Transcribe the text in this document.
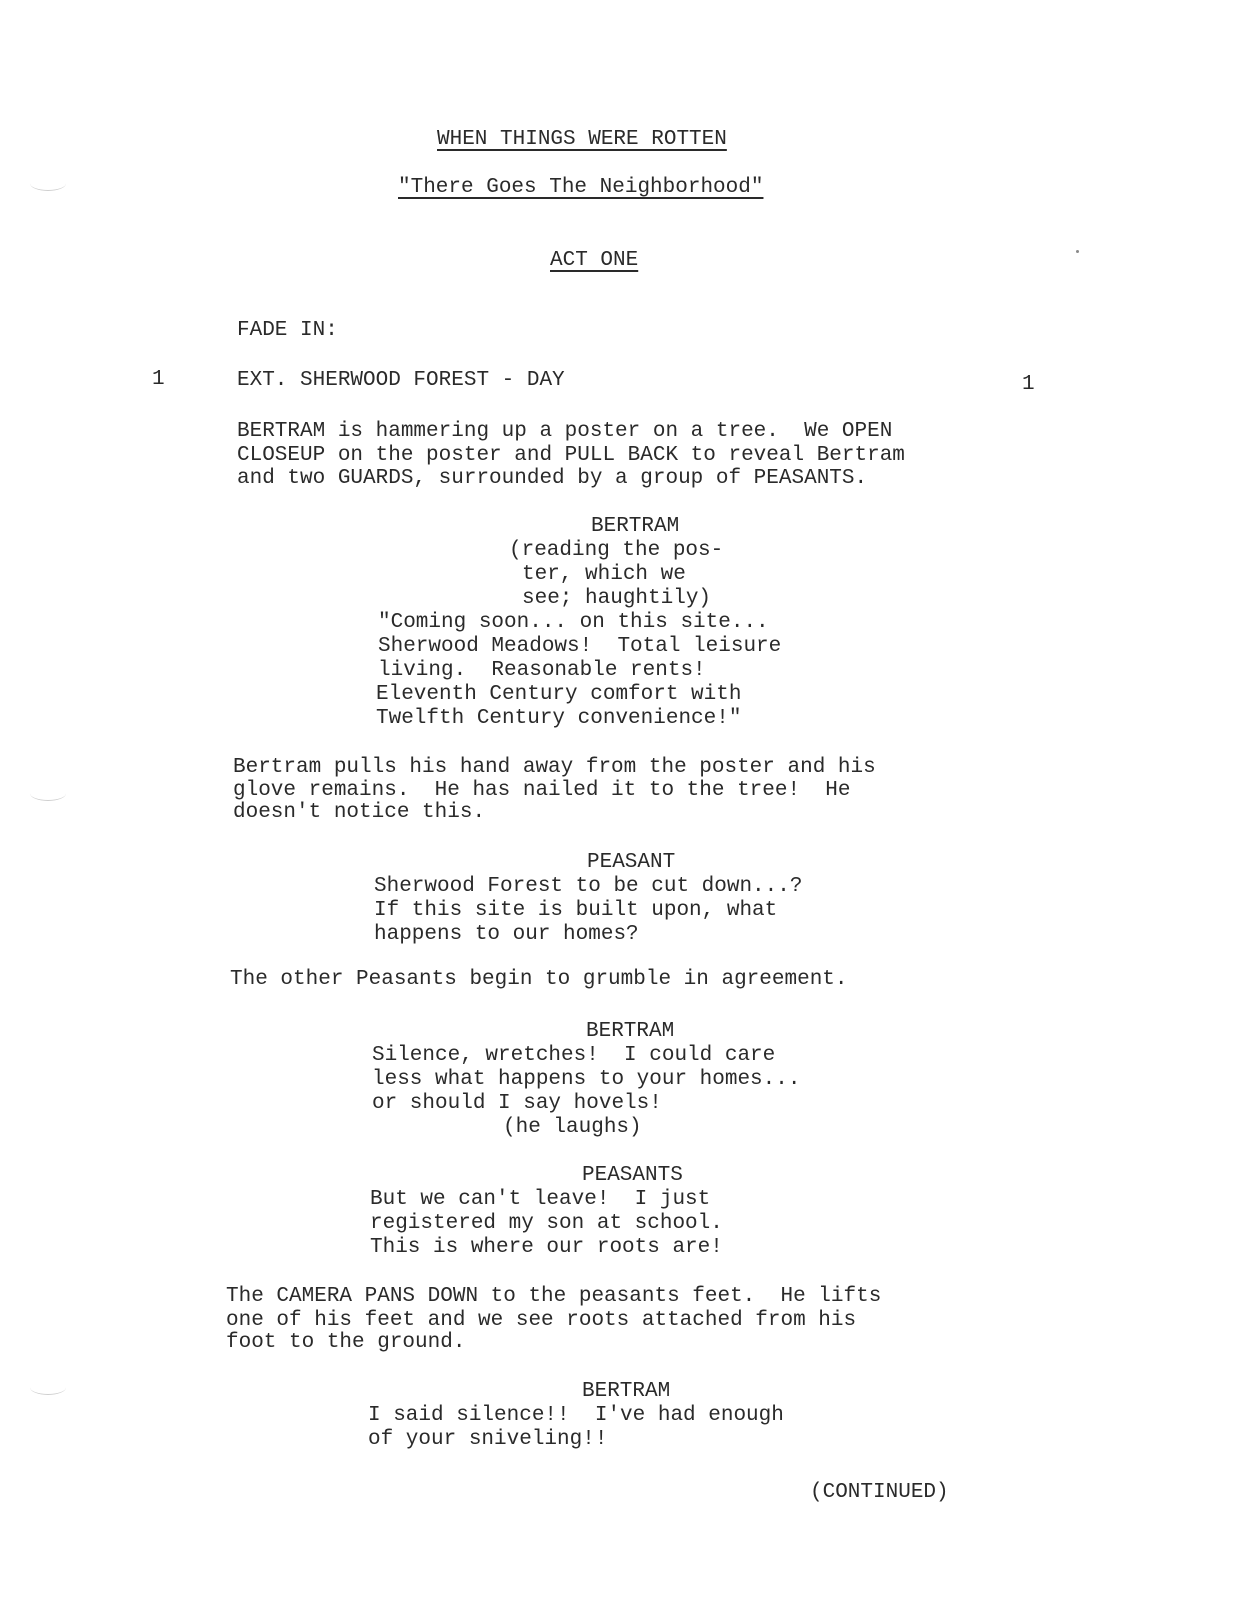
WHEN THINGS WERE ROTTEN
"There Goes The Neighborhood"
ACT ONE
FADE IN:
1	EXT. SHERWOOD FOREST - DAY	1
BERTRAM is hammering up a poster on a tree.  We OPEN
CLOSEUP on the poster and PULL BACK to reveal Bertram
and two GUARDS, surrounded by a group of PEASANTS.
BERTRAM
(reading the pos-
ter, which we
see; haughtily)
"Coming soon... on this site...
Sherwood Meadows!  Total leisure
living.  Reasonable rents!
Eleventh Century comfort with
Twelfth Century convenience!"
Bertram pulls his hand away from the poster and his
glove remains.  He has nailed it to the tree!  He
doesn't notice this.
PEASANT
Sherwood Forest to be cut down...?
If this site is built upon, what
happens to our homes?
The other Peasants begin to grumble in agreement.
BERTRAM
Silence, wretches!  I could care
less what happens to your homes...
or should I say hovels!
(he laughs)
PEASANTS
But we can't leave!  I just
registered my son at school.
This is where our roots are!
The CAMERA PANS DOWN to the peasants feet.  He lifts
one of his feet and we see roots attached from his
foot to the ground.
BERTRAM
I said silence!!  I've had enough
of your sniveling!!
(CONTINUED)
